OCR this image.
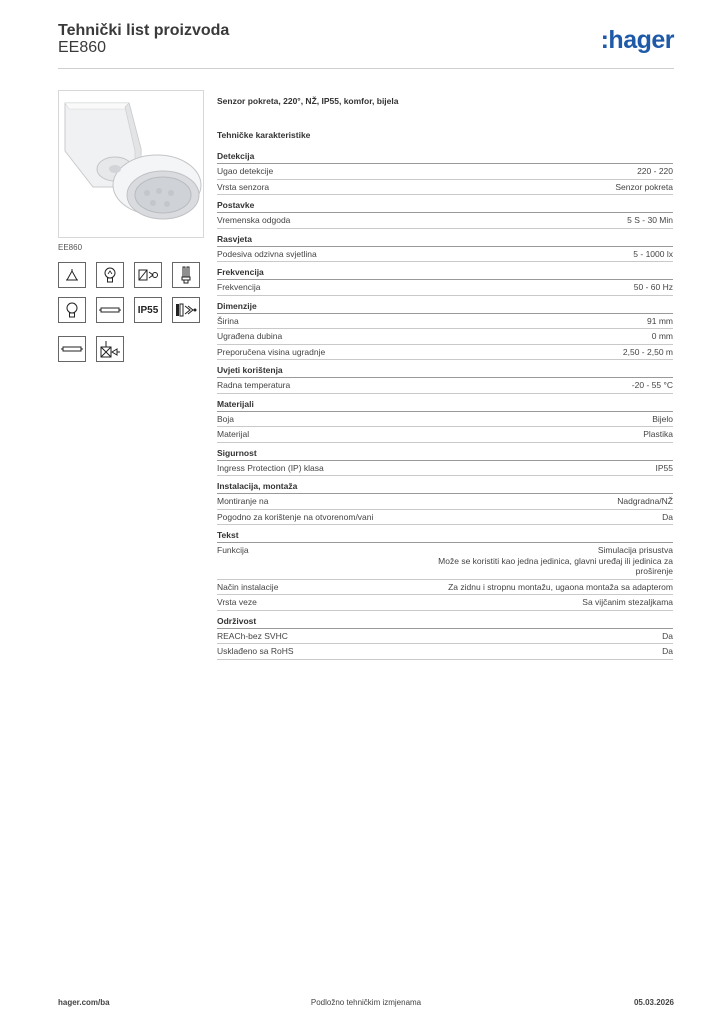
Tehnički list proizvoda
EE860	:hager
EE860
IP55
Senzor pokreta, 220°, NŽ, IP55, komfor, bijela
Tehničke karakteristike
Detekcija
Ugao detekcije	220 - 220
Vrsta senzora	Senzor pokreta
Postavke
Vremenska odgoda	5 S - 30 Min
Rasvjeta
Podesiva odzivna svjetlina	5 - 1000 lx
Frekvencija
Frekvencija	50 - 60 Hz
Dimenzije
Širina	91 mm
Ugrađena dubina	0 mm
Preporučena visina ugradnje	2,50 - 2,50 m
Uvjeti korištenja
Radna temperatura	-20 - 55 °C
Materijali
Boja	Bijelo
Materijal	Plastika
Sigurnost
Ingress Protection (IP) klasa	IP55
Instalacija, montaža
Montiranje na	Nadgradna/NŽ
Pogodno za korištenje na otvorenom/vani	Da
Tekst
Funkcija	Simulacija prisustva
Može se koristiti kao jedna jedinica, glavni uređaj ili jedinica za proširenje
Način instalacije	Za zidnu i stropnu montažu, ugaona montaža sa adapterom
Vrsta veze	Sa vijčanim stezaljkama
Održivost
REACh-bez SVHC	Da
Usklađeno sa RoHS	Da
hager.com/ba	Podložno tehničkim izmjenama	05.03.2026
